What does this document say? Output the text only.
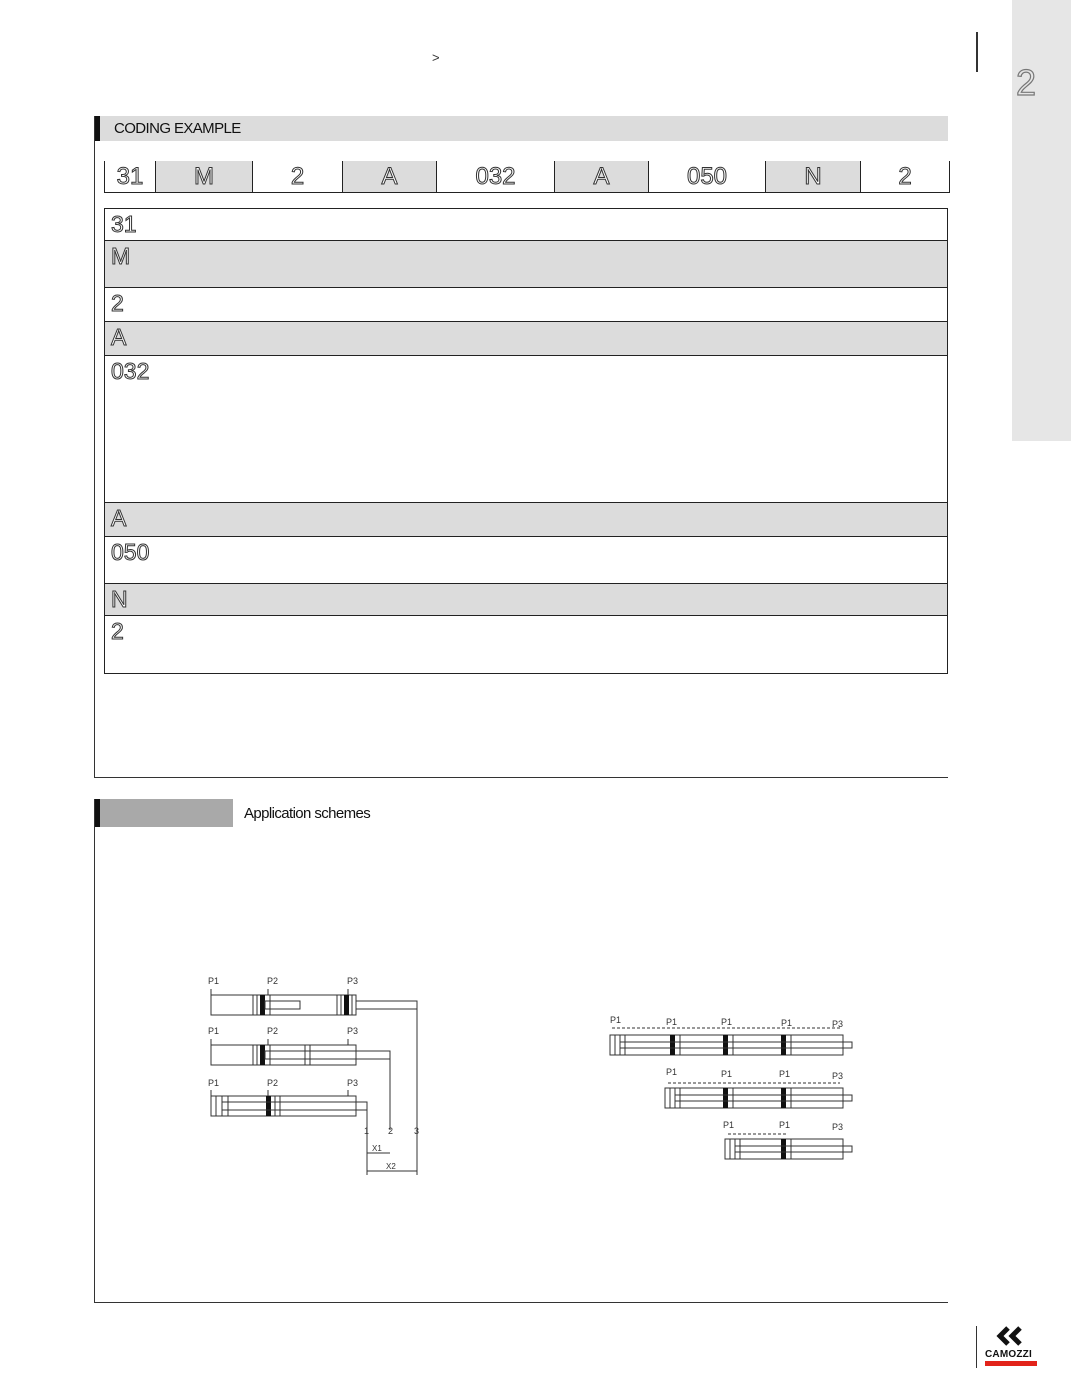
>
2
CODING EXAMPLE
31	M	2	A	032	A	050	N	2
31
M
2
A
032
A
050
N
2
Application schemes
P1	P2	P3
P1	P2	P3
P1	P2	P3
1 2 3
X1
X2
P1	P1	P1	P1	P3
P1	P1	P1	P3
P1	P1	P3
CAMOZZI
